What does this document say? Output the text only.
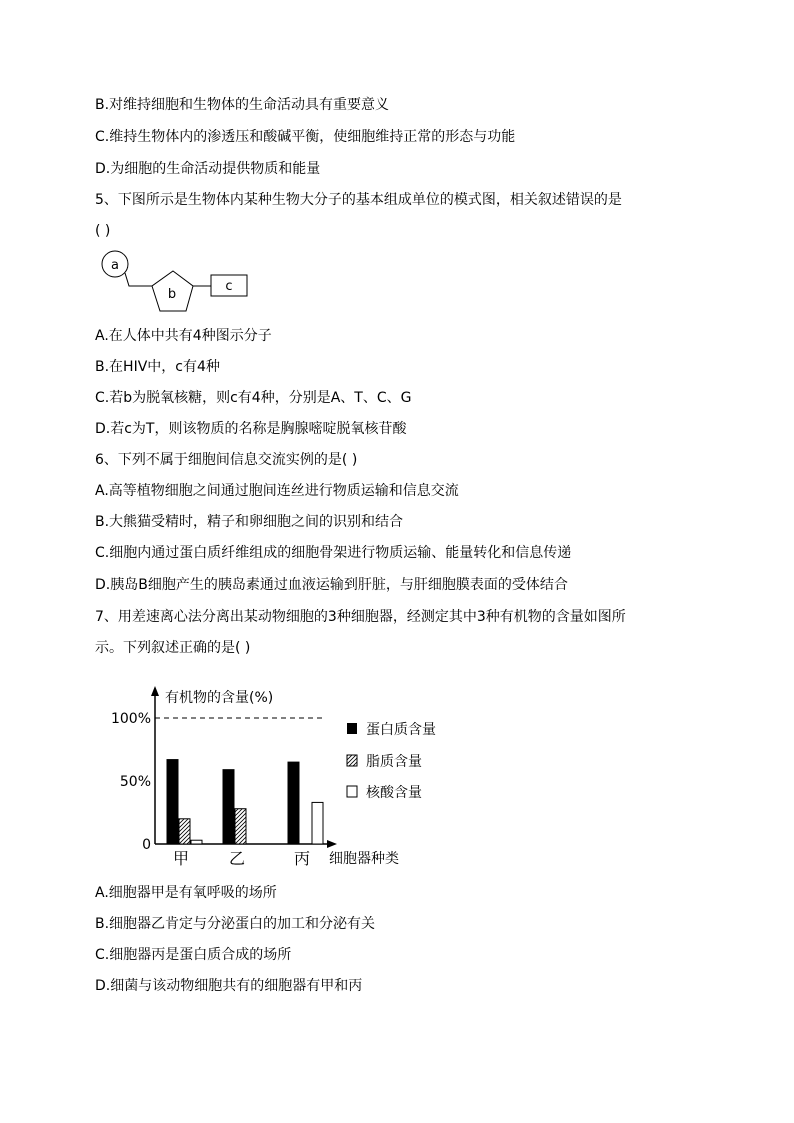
B.对维持细胞和生物体的生命活动具有重要意义
C.维持生物体内的渗透压和酸碱平衡，使细胞维持正常的形态与功能
D.为细胞的生命活动提供物质和能量
5、下图所示是生物体内某种生物大分子的基本组成单位的模式图，相关叙述错误的是
( )
a
b
c
A.在人体中共有4种图示分子
B.在HIV中，c有4种
C.若b为脱氧核糖，则c有4种，分别是A、T、C、G
D.若c为T，则该物质的名称是胸腺嘧啶脱氧核苷酸
6、下列不属于细胞间信息交流实例的是( )
A.高等植物细胞之间通过胞间连丝进行物质运输和信息交流
B.大熊猫受精时，精子和卵细胞之间的识别和结合
C.细胞内通过蛋白质纤维组成的细胞骨架进行物质运输、能量转化和信息传递
D.胰岛B细胞产生的胰岛素通过血液运输到肝脏，与肝细胞膜表面的受体结合
7、用差速离心法分离出某动物细胞的3种细胞器，经测定其中3种有机物的含量如图所
示。下列叙述正确的是( )
有机物的含量(%)
细胞器种类
蛋白质含量
脂质含量
核酸含量
0
50%
100%
甲 乙	丙
A.细胞器甲是有氧呼吸的场所
B.细胞器乙肯定与分泌蛋白的加工和分泌有关
C.细胞器丙是蛋白质合成的场所
D.细菌与该动物细胞共有的细胞器有甲和丙
